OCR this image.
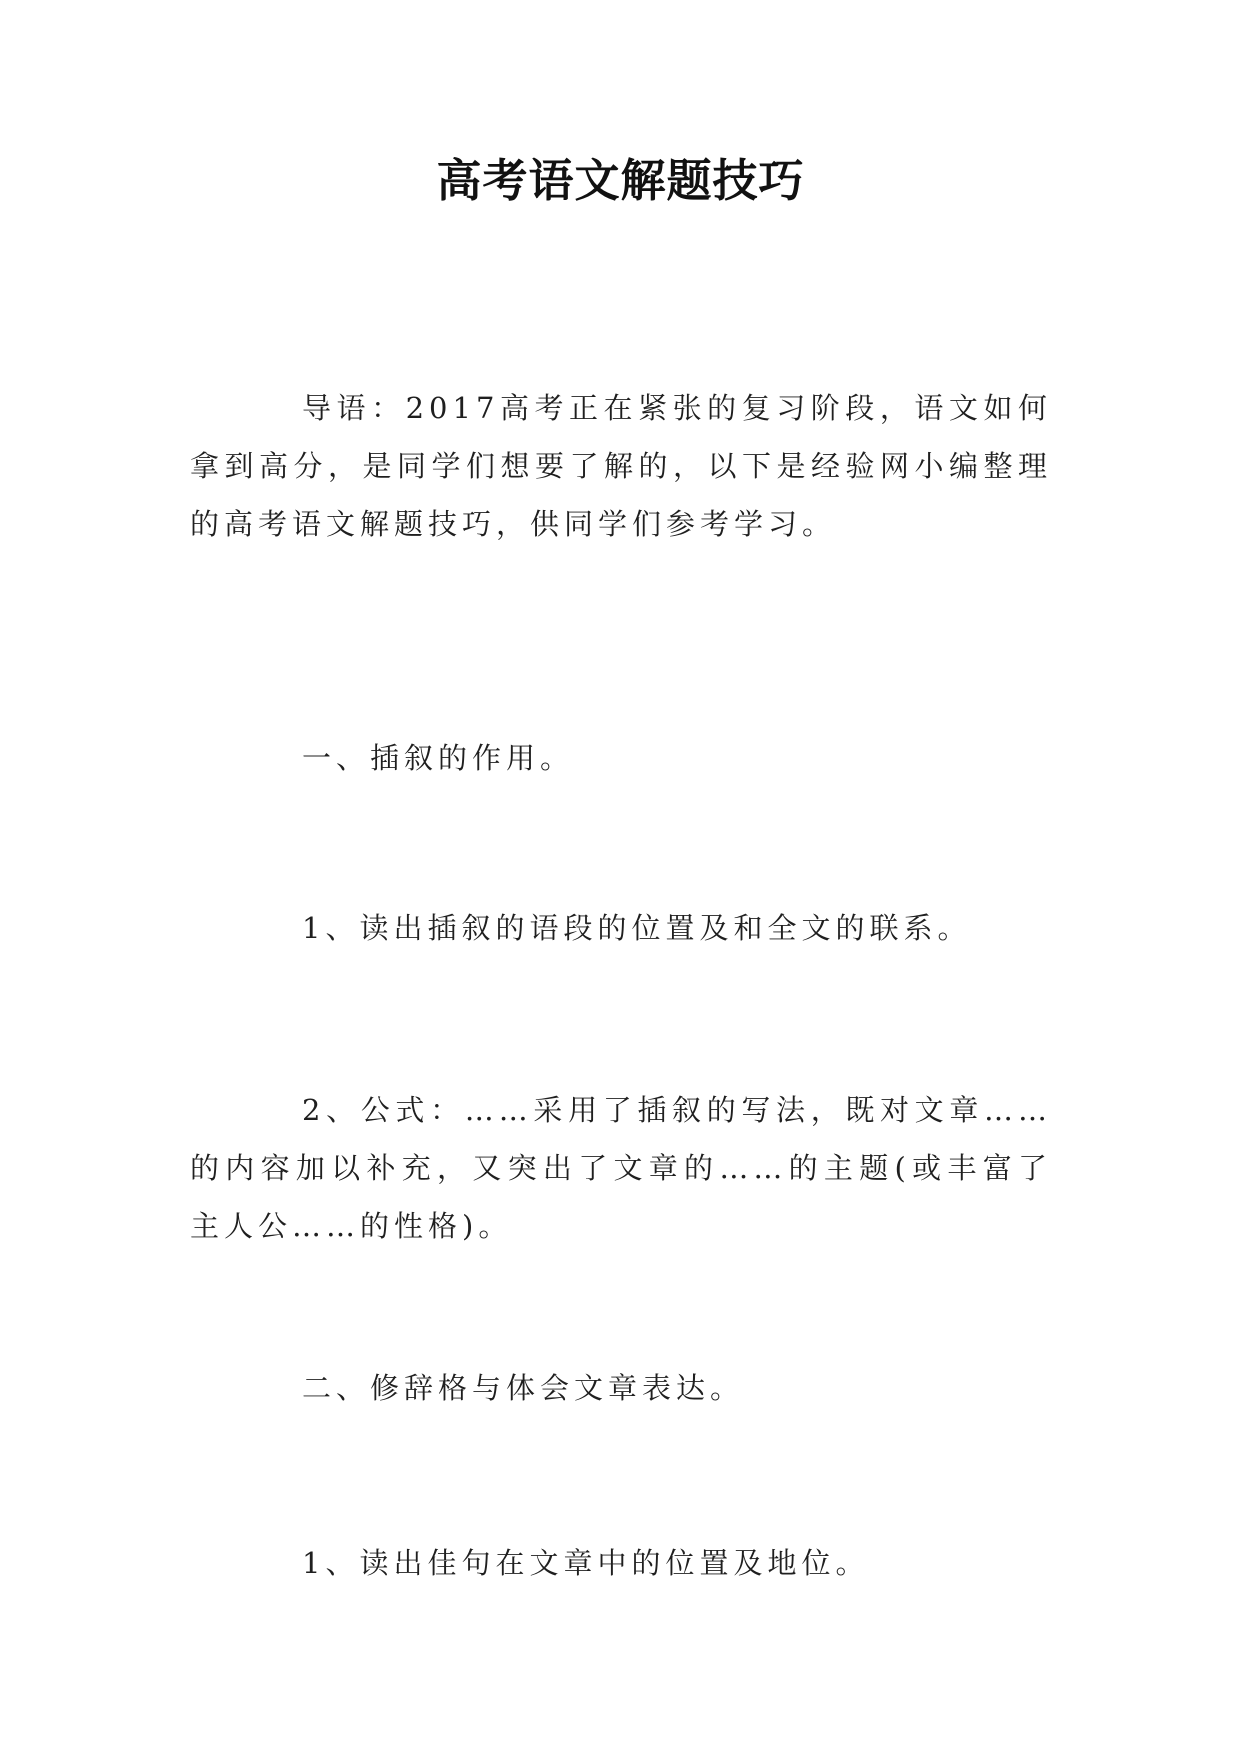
高考语文解题技巧

导语：2017高考正在紧张的复习阶段，语文如何拿到高分，是同学们想要了解的，以下是经验网小编整理的高考语文解题技巧，供同学们参考学习。

一、插叙的作用。

1、读出插叙的语段的位置及和全文的联系。

2、公式：……采用了插叙的写法，既对文章……的内容加以补充，又突出了文章的……的主题(或丰富了主人公……的性格)。

二、修辞格与体会文章表达。

1、读出佳句在文章中的位置及地位。
